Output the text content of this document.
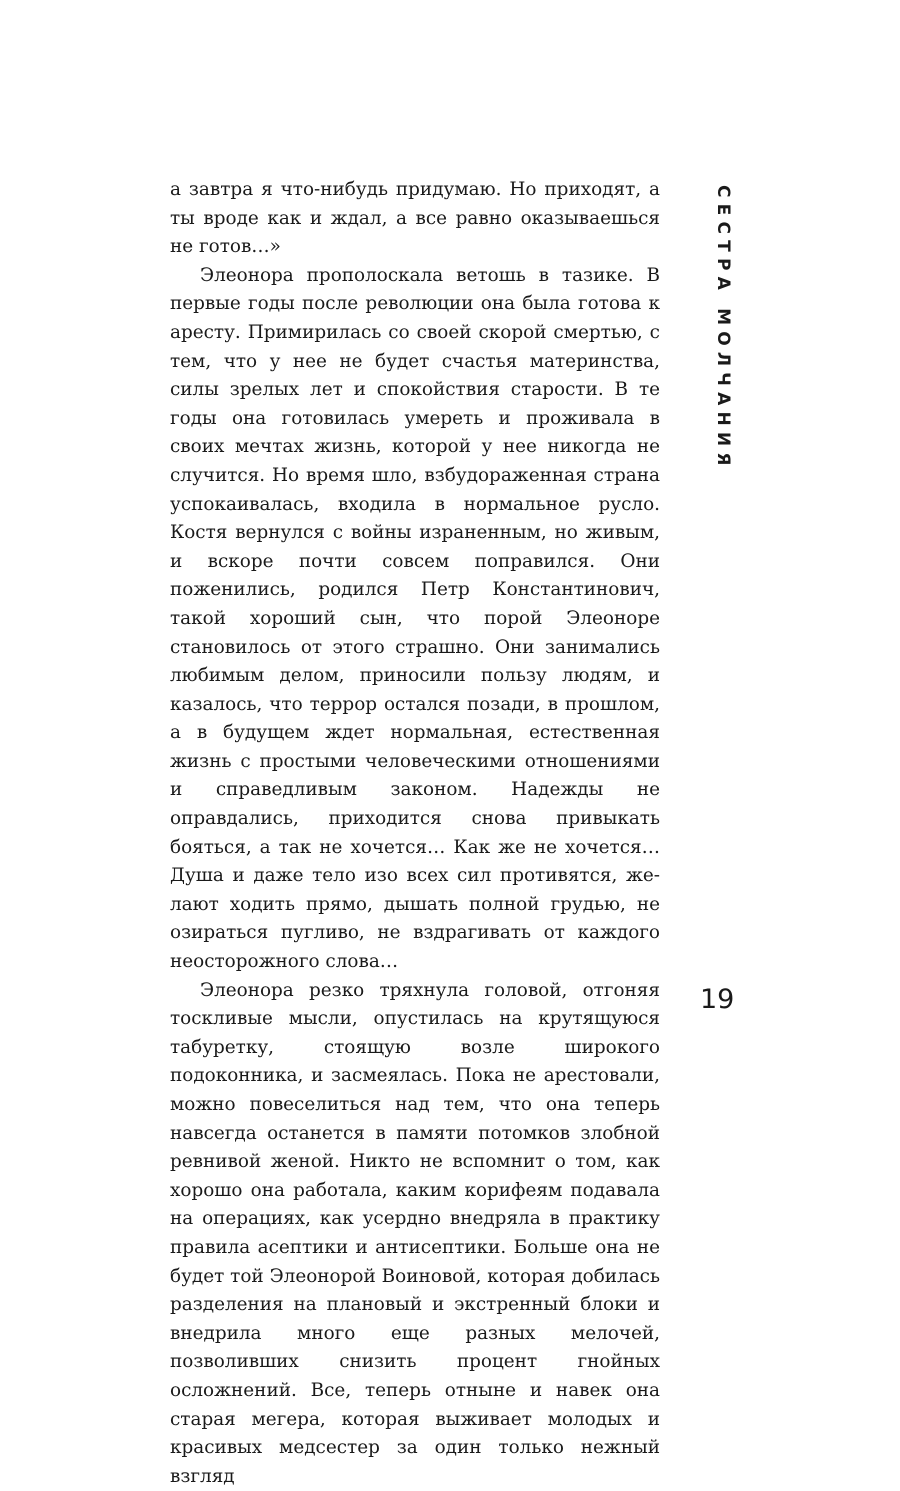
а завтра я что-нибудь придумаю. Но приходят, а ты вроде как и ждал, а все равно оказываешься не готов…»

Элеонора прополоскала ветошь в тазике. В первые годы после революции она была готова к аресту. Примирилась со своей скорой смертью, с тем, что у нее не будет счастья материнства, силы зрелых лет и спокойствия старости. В те годы она готовилась умереть и проживала в своих мечтах жизнь, которой у нее никогда не случится. Но время шло, взбудораженная страна успокаивалась, входила в нормальное русло. Костя вернулся с войны израненным, но живым, и вскоре почти совсем поправился. Они поженились, родился Петр Константинович, такой хороший сын, что порой Элеоноре становилось от этого страшно. Они занимались любимым делом, приносили пользу людям, и казалось, что террор остался позади, в прошлом, а в будущем ждет нормальная, естественная жизнь с простыми человеческими отношениями и справедливым законом. Надежды не оправдались, приходится снова привыкать бояться, а так не хочется… Как же не хочется… Душа и даже тело изо всех сил противятся, желают ходить прямо, дышать полной грудью, не озираться пугливо, не вздрагивать от каждого неосторожного слова…

Элеонора резко тряхнула головой, отгоняя тоскливые мысли, опустилась на крутящуюся табуретку, стоящую возле широкого подоконника, и засмеялась. Пока не арестовали, можно повеселиться над тем, что она теперь навсегда останется в памяти потомков злобной ревнивой женой. Никто не вспомнит о том, как хорошо она работала, каким корифеям подавала на операциях, как усердно внедряла в практику правила асептики и антисептики. Больше она не будет той Элеонорой Воиновой, которая добилась разделения на плановый и экстренный блоки и внедрила много еще разных мелочей, позволивших снизить процент гнойных осложнений. Все, теперь отныне и навек она старая мегера, которая выживает молодых и красивых медсестер за один только нежный взгляд

СЕСТРА МОЛЧАНИЯ
19
